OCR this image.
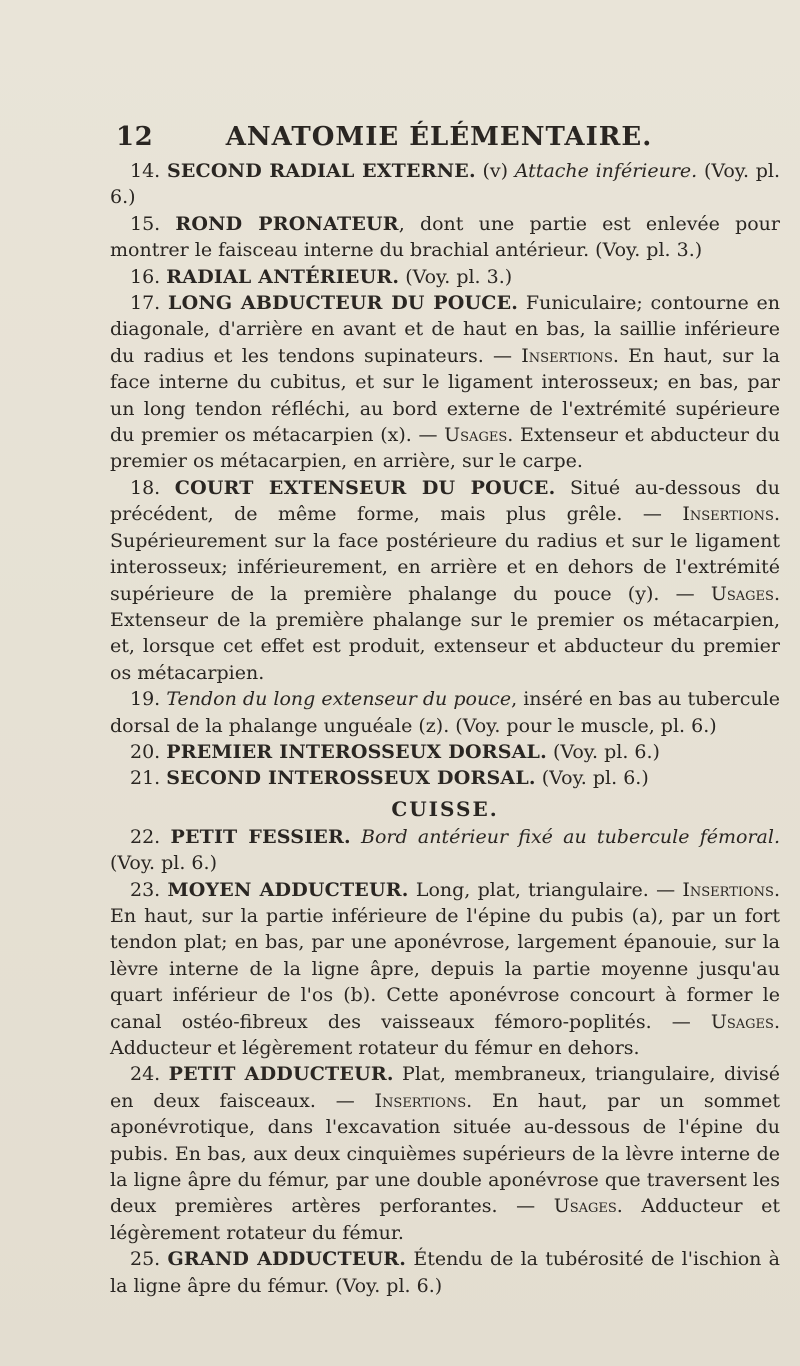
12	ANATOMIE ÉLÉMENTAIRE.

14. SECOND RADIAL EXTERNE. (v) Attache inférieure. (Voy. pl. 6.)

15. ROND PRONATEUR, dont une partie est enlevée pour montrer le faisceau interne du brachial antérieur. (Voy. pl. 3.)

16. RADIAL ANTÉRIEUR. (Voy. pl. 3.)

17. LONG ABDUCTEUR DU POUCE. Funiculaire; contourne en diagonale, d'arrière en avant et de haut en bas, la saillie inférieure du radius et les tendons supinateurs. — Insertions. En haut, sur la face interne du cubitus, et sur le ligament interosseux; en bas, par un long tendon réfléchi, au bord externe de l'extrémité supérieure du premier os métacarpien (x). — Usages. Extenseur et abducteur du premier os métacarpien, en arrière, sur le carpe.

18. COURT EXTENSEUR DU POUCE. Situé au-dessous du précédent, de même forme, mais plus grêle. — Insertions. Supérieurement sur la face postérieure du radius et sur le ligament interosseux; inférieurement, en arrière et en dehors de l'extrémité supérieure de la première phalange du pouce (y). — Usages. Extenseur de la première phalange sur le premier os métacarpien, et, lorsque cet effet est produit, extenseur et abducteur du premier os métacarpien.

19. Tendon du long extenseur du pouce, inséré en bas au tubercule dorsal de la phalange unguéale (z). (Voy. pour le muscle, pl. 6.)

20. PREMIER INTEROSSEUX DORSAL. (Voy. pl. 6.)

21. SECOND INTEROSSEUX DORSAL. (Voy. pl. 6.)

CUISSE.

22. PETIT FESSIER. Bord antérieur fixé au tubercule fémoral. (Voy. pl. 6.)

23. MOYEN ADDUCTEUR. Long, plat, triangulaire. — Insertions. En haut, sur la partie inférieure de l'épine du pubis (a), par un fort tendon plat; en bas, par une aponévrose, largement épanouie, sur la lèvre interne de la ligne âpre, depuis la partie moyenne jusqu'au quart inférieur de l'os (b). Cette aponévrose concourt à former le canal ostéo-fibreux des vaisseaux fémoro-poplités. — Usages. Adducteur et légèrement rotateur du fémur en dehors.

24. PETIT ADDUCTEUR. Plat, membraneux, triangulaire, divisé en deux faisceaux. — Insertions. En haut, par un sommet aponévrotique, dans l'excavation située au-dessous de l'épine du pubis. En bas, aux deux cinquièmes supérieurs de la lèvre interne de la ligne âpre du fémur, par une double aponévrose que traversent les deux premières artères perforantes. — Usages. Adducteur et légèrement rotateur du fémur.

25. GRAND ADDUCTEUR. Étendu de la tubérosité de l'ischion à la ligne âpre du fémur. (Voy. pl. 6.)
